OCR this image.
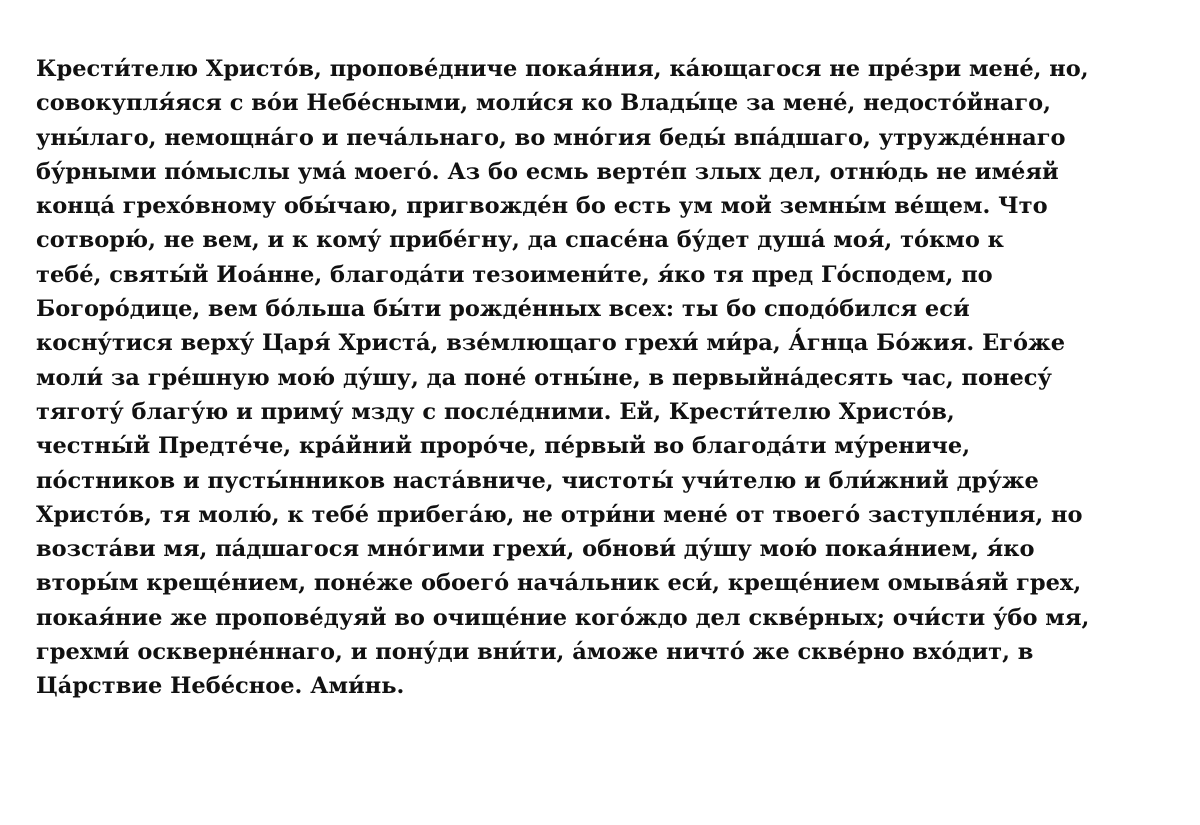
Крести́телю Христо́в, пропове́дниче покая́ния, ка́ющагося не пре́зри мене́, но,
совокупля́яся с во́и Небе́сными, моли́ся ко Влады́це за мене́, недосто́йнаго,
уны́лаго, немощна́го и печа́льнаго, во мно́гия беды́ впа́дшаго, утружде́ннаго
бу́рными по́мыслы ума́ моего́. Аз бо есмь верте́п злых дел, отню́дь не име́яй
конца́ грехо́вному обы́чаю, пригвожде́н бо есть ум мой земны́м ве́щем. Что
сотворю́, не вем, и к кому́ прибе́гну, да спасе́на бу́дет душа́ моя́, то́кмо к
тебе́, святы́й Иоа́нне, благода́ти тезоимени́те, я́ко тя пред Го́сподем, по
Богоро́дице, вем бо́льша бы́ти рожде́нных всех: ты бо сподо́бился еси́
косну́тися верху́ Царя́ Христа́, взе́млющаго грехи́ ми́ра, А́гнца Бо́жия. Его́же
моли́ за гре́шную мою́ ду́шу, да поне́ отны́не, в первыйна́десять час, понесу́
тяготу́ благу́ю и приму́ мзду с после́дними. Ей, Крести́телю Христо́в,
честны́й Предте́че, кра́йний проро́че, пе́рвый во благода́ти му́рениче,
по́стников и пусты́нников наста́вниче, чистоты́ учи́телю и бли́жний дру́же
Христо́в, тя молю́, к тебе́ прибега́ю, не отри́ни мене́ от твоего́ заступле́ния, но
возста́ви мя, па́дшагося мно́гими грехи́, обнови́ ду́шу мою́ покая́нием, я́ко
вторы́м креще́нием, поне́же обоего́ нача́льник еси́, креще́нием омыва́яй грех,
покая́ние же пропове́дуяй во очище́ние кого́ждо дел скве́рных; очи́сти у́бо мя,
грехми́ оскверне́ннаго, и пону́ди вни́ти, а́може ничто́ же скве́рно вхо́дит, в
Ца́рствие Небе́сное. Ами́нь.
